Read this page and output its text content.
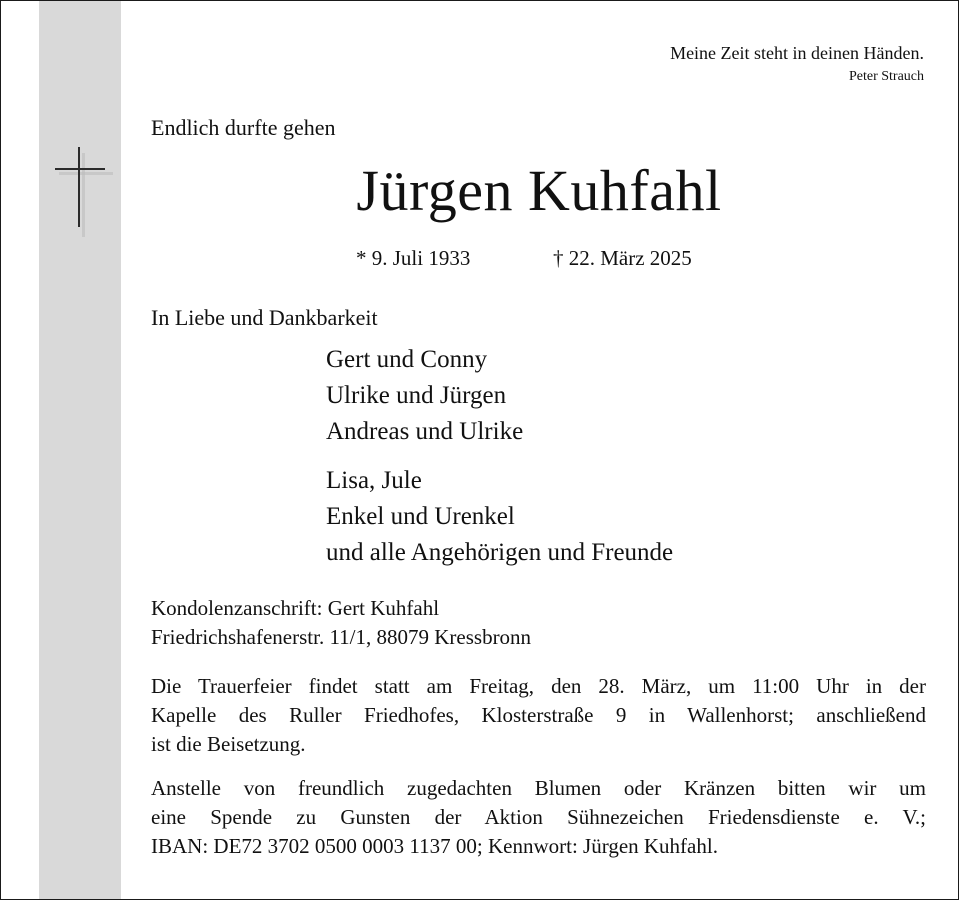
Meine Zeit steht in deinen Händen.
Peter Strauch
Endlich durfte gehen
Jürgen Kuhfahl
* 9. Juli 1933	† 22. März 2025
In Liebe und Dankbarkeit
Gert und Conny
Ulrike und Jürgen
Andreas und Ulrike
Lisa, Jule
Enkel und Urenkel
und alle Angehörigen und Freunde
Kondolenzanschrift: Gert Kuhfahl
Friedrichshafenerstr. 11/1, 88079 Kressbronn
Die Trauerfeier findet statt am Freitag, den 28. März, um 11:00 Uhr in der
Kapelle des Ruller Friedhofes, Klosterstraße 9 in Wallenhorst; anschließend
ist die Beisetzung.
Anstelle von freundlich zugedachten Blumen oder Kränzen bitten wir um
eine Spende zu Gunsten der Aktion Sühnezeichen Friedensdienste e. V.;
IBAN: DE72 3702 0500 0003 1137 00; Kennwort: Jürgen Kuhfahl.
